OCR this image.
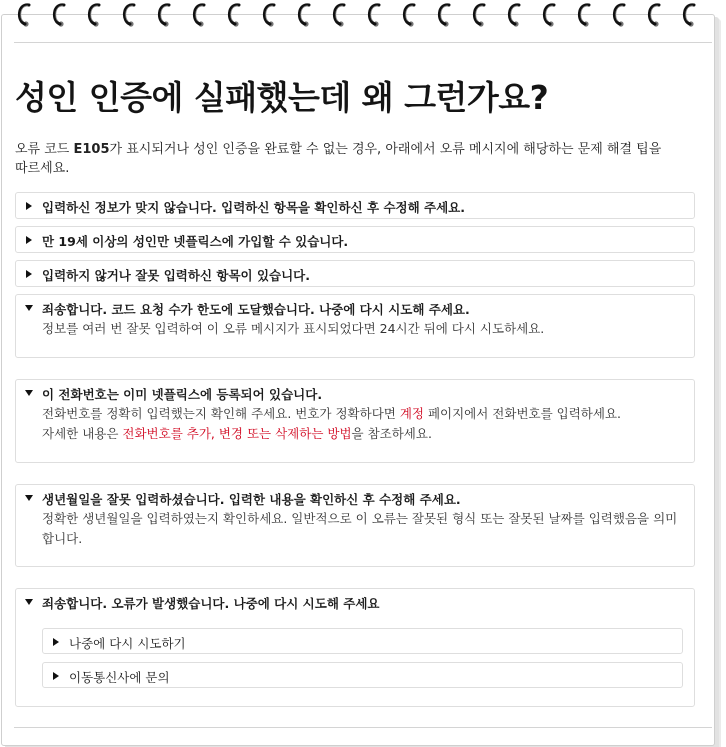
성인 인증에 실패했는데 왜 그런가요?

오류 코드 E105가 표시되거나 성인 인증을 완료할 수 없는 경우, 아래에서 오류 메시지에 해당하는 문제 해결 팁을 따르세요.

입력하신 정보가 맞지 않습니다. 입력하신 항목을 확인하신 후 수정해 주세요.
만 19세 이상의 성인만 넷플릭스에 가입할 수 있습니다.
입력하지 않거나 잘못 입력하신 항목이 있습니다.
죄송합니다. 코드 요청 수가 한도에 도달했습니다. 나중에 다시 시도해 주세요.

정보를 여러 번 잘못 입력하여 이 오류 메시지가 표시되었다면 24시간 뒤에 다시 시도하세요.

이 전화번호는 이미 넷플릭스에 등록되어 있습니다.

전화번호를 정확히 입력했는지 확인해 주세요. 번호가 정확하다면 계정 페이지에서 전화번호를 입력하세요.

자세한 내용은 전화번호를 추가, 변경 또는 삭제하는 방법을 참조하세요.

생년월일을 잘못 입력하셨습니다. 입력한 내용을 확인하신 후 수정해 주세요.

정확한 생년월일을 입력하였는지 확인하세요. 일반적으로 이 오류는 잘못된 형식 또는 잘못된 날짜를 입력했음을 의미합니다.

죄송합니다. 오류가 발생했습니다. 나중에 다시 시도해 주세요
나중에 다시 시도하기
이동통신사에 문의
